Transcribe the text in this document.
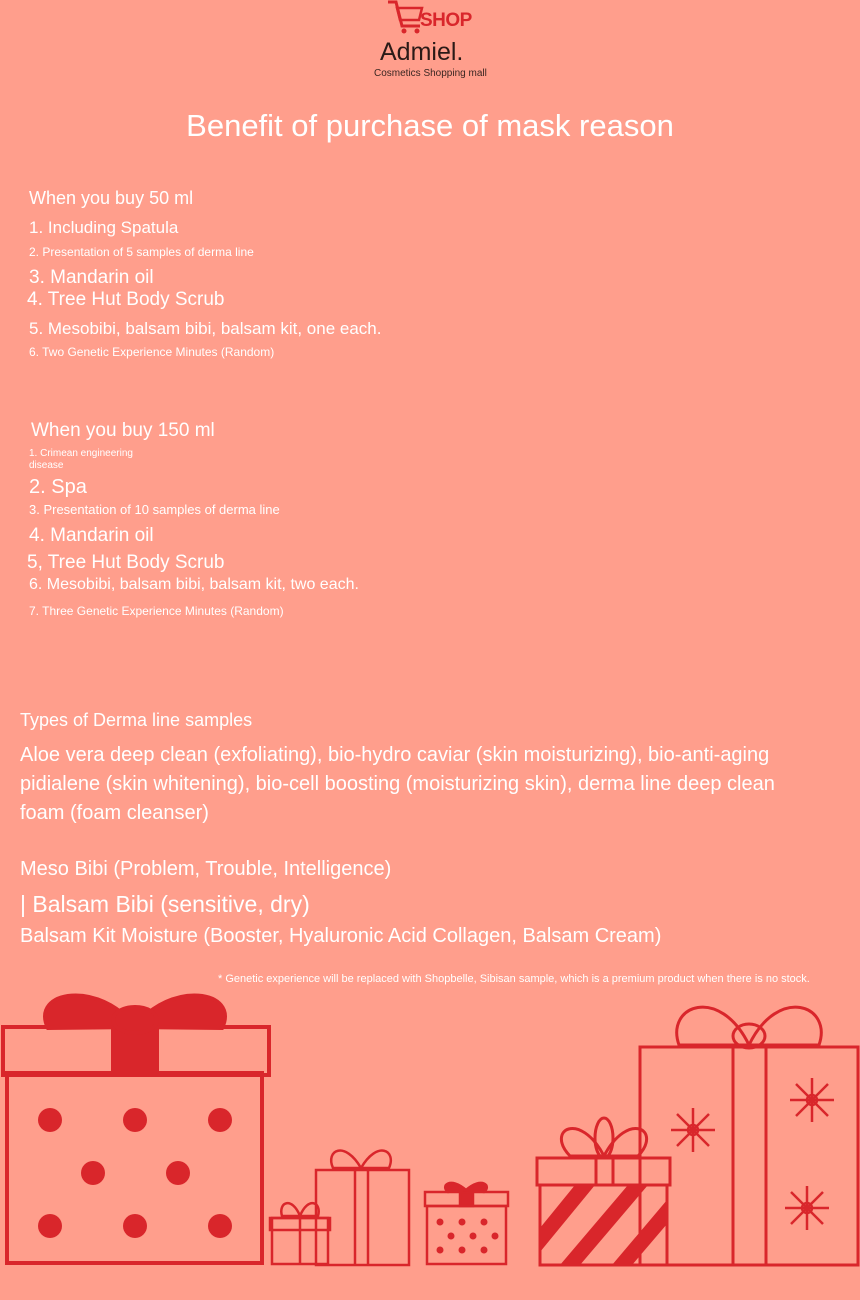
SHOP
Admiel.
Cosmetics Shopping mall
Benefit of purchase of mask reason
When you buy 50 ml
1. Including Spatula
2. Presentation of 5 samples of derma line
3. Mandarin oil
4. Tree Hut Body Scrub
5. Mesobibi, balsam bibi, balsam kit, one each.
6. Two Genetic Experience Minutes (Random)
When you buy 150 ml
1. Crimean engineering
disease
2. Spa
3. Presentation of 10 samples of derma line
4. Mandarin oil
5, Tree Hut Body Scrub
6. Mesobibi, balsam bibi, balsam kit, two each.
7. Three Genetic Experience Minutes (Random)
Types of Derma line samples
Aloe vera deep clean (exfoliating), bio-hydro caviar (skin moisturizing), bio-anti-aging pidialene (skin whitening), bio-cell boosting (moisturizing skin), derma line deep clean foam (foam cleanser)
Meso Bibi (Problem, Trouble, Intelligence)
| Balsam Bibi (sensitive, dry)
Balsam Kit Moisture (Booster, Hyaluronic Acid Collagen, Balsam Cream)
* Genetic experience will be replaced with Shopbelle, Sibisan sample, which is a premium product when there is no stock.
